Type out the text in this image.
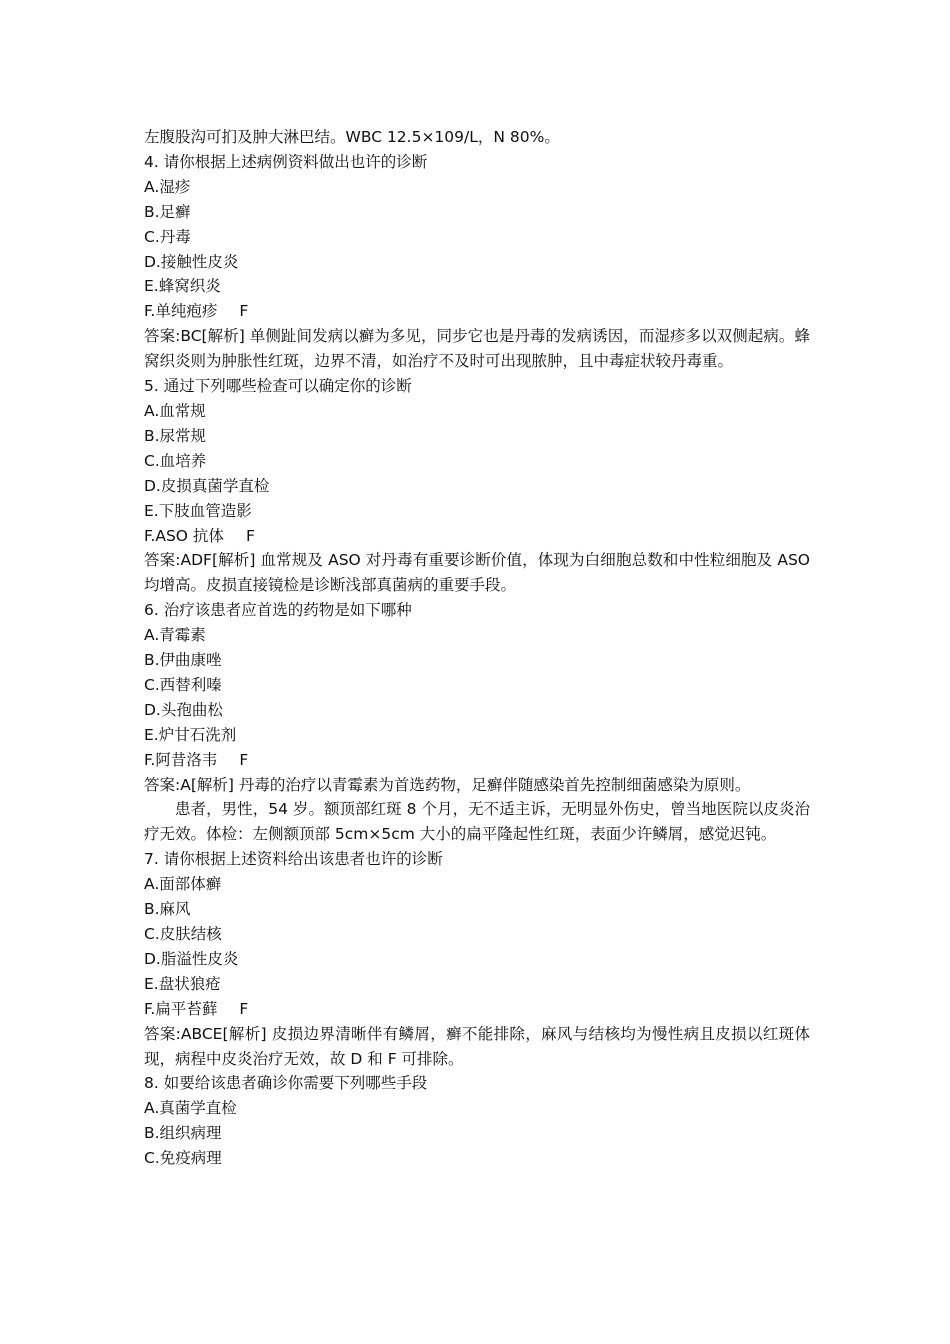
左腹股沟可扪及肿大淋巴结。WBC 12.5×109/L，N 80%。
4. 请你根据上述病例资料做出也许的诊断
A.湿疹
B.足癣
C.丹毒
D.接触性皮炎
E.蜂窝织炎
F.单纯疱疹 F
答案:BC[解析] 单侧趾间发病以癣为多见，同步它也是丹毒的发病诱因，而湿疹多以双侧起病。蜂窝织炎则为肿胀性红斑，边界不清，如治疗不及时可出现脓肿，且中毒症状较丹毒重。
5. 通过下列哪些检查可以确定你的诊断
A.血常规
B.尿常规
C.血培养
D.皮损真菌学直检
E.下肢血管造影
F.ASO 抗体 F
答案:ADF[解析] 血常规及 ASO 对丹毒有重要诊断价值，体现为白细胞总数和中性粒细胞及 ASO 均增高。皮损直接镜检是诊断浅部真菌病的重要手段。
6. 治疗该患者应首选的药物是如下哪种
A.青霉素
B.伊曲康唑
C.西替利嗪
D.头孢曲松
E.炉甘石洗剂
F.阿昔洛韦 F
答案:A[解析] 丹毒的治疗以青霉素为首选药物，足癣伴随感染首先控制细菌感染为原则。
患者，男性，54 岁。额顶部红斑 8 个月，无不适主诉，无明显外伤史，曾当地医院以皮炎治疗无效。体检：左侧额顶部 5cm×5cm 大小的扁平隆起性红斑，表面少许鳞屑，感觉迟钝。
7. 请你根据上述资料给出该患者也许的诊断
A.面部体癣
B.麻风
C.皮肤结核
D.脂溢性皮炎
E.盘状狼疮
F.扁平苔藓 F
答案:ABCE[解析] 皮损边界清晰伴有鳞屑，癣不能排除，麻风与结核均为慢性病且皮损以红斑体现，病程中皮炎治疗无效，故 D 和 F 可排除。
8. 如要给该患者确诊你需要下列哪些手段
A.真菌学直检
B.组织病理
C.免疫病理
